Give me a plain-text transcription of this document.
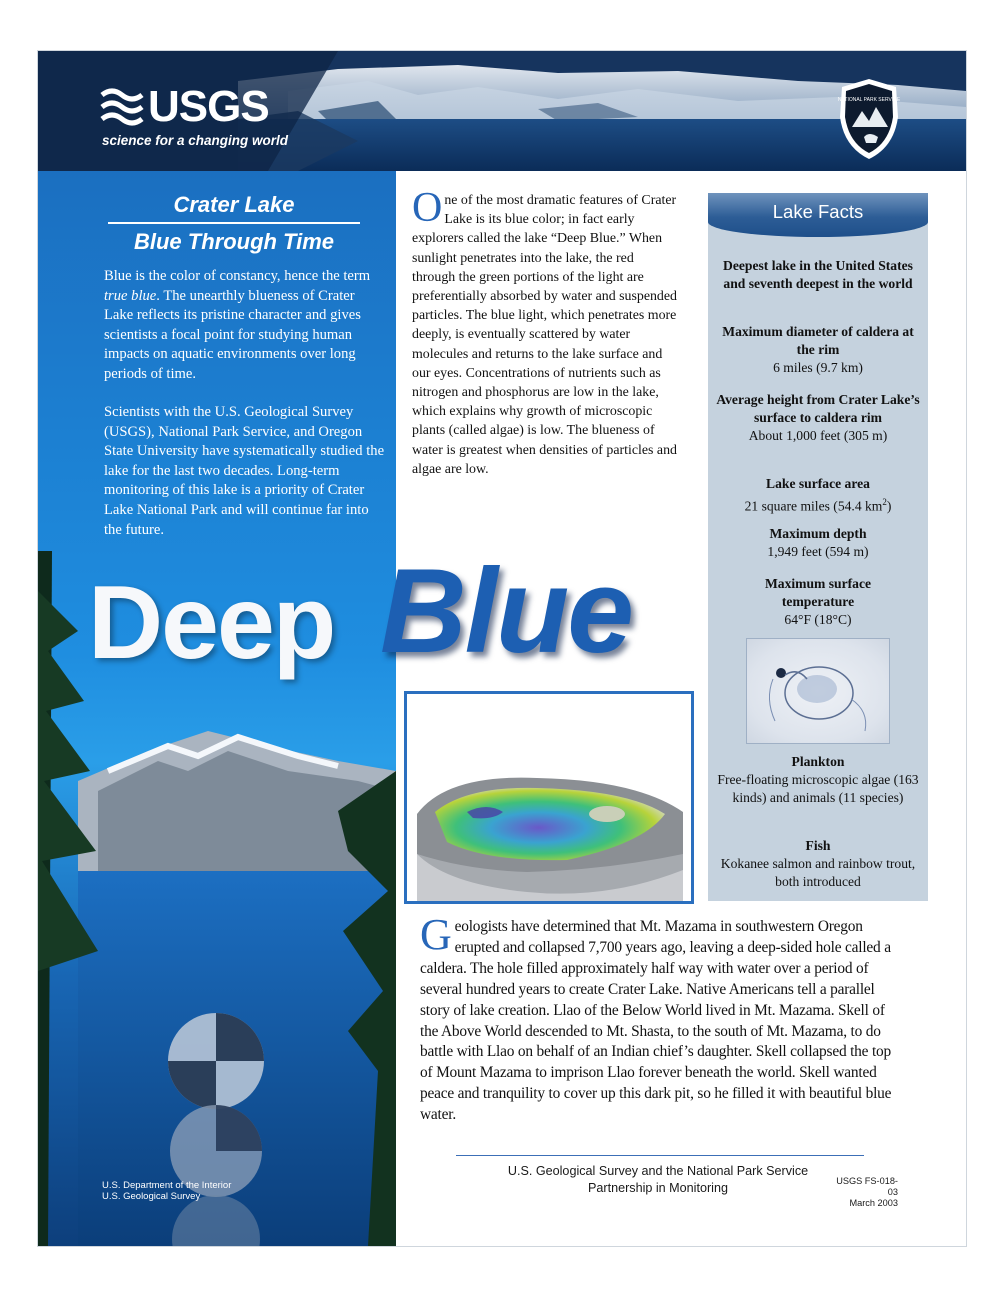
USGS
science for a changing world
NATIONAL PARK SERVICE
Crater Lake
Blue Through Time
Blue is the color of constancy, hence the term true blue. The unearthly blueness of Crater Lake reflects its pristine character and gives scientists a focal point for studying human impacts on aquatic environments over long periods of time.
Scientists with the U.S. Geological Survey (USGS), National Park Service, and Oregon State University have systematically studied the lake for the last two decades. Long-term monitoring of this lake is a priority of Crater Lake National Park and will continue far into the future.
U.S. Department of the Interior
U.S. Geological Survey
Deep Blue
One of the most dramatic features of Crater Lake is its blue color; in fact early explorers called the lake “Deep Blue.” When sunlight penetrates into the lake, the red through the green portions of the light are preferentially absorbed by water and suspended particles. The blue light, which penetrates more deeply, is eventually scattered by water molecules and returns to the lake surface and our eyes. Concentrations of nutrients such as nitrogen and phosphorus are low in the lake, which explains why growth of microscopic plants (called algae) is low. The blueness of water is greatest when densities of particles and algae are low.
Lake Facts
Deepest lake in the United States and seventh deepest in the world
Maximum diameter of caldera at the rim
6 miles (9.7 km)
Average height from Crater Lake’s surface to caldera rim
About 1,000 feet (305 m)
Lake surface area
21 square miles (54.4 $km^2$)
Maximum depth
1,949 feet (594 m)
Maximum surface temperature
64°F (18°C)
Plankton
Free-floating microscopic algae (163 kinds) and animals (11 species)
Fish
Kokanee salmon and rainbow trout, both introduced
Geologists have determined that Mt. Mazama in southwestern Oregon erupted and collapsed 7,700 years ago, leaving a deep-sided hole called a caldera. The hole filled approximately half way with water over a period of several hundred years to create Crater Lake. Native Americans tell a parallel story of lake creation. Llao of the Below World lived in Mt. Mazama. Skell of the Above World descended to Mt. Shasta, to the south of Mt. Mazama, to do battle with Llao on behalf of an Indian chief’s daughter. Skell collapsed the top of Mount Mazama to imprison Llao forever beneath the world. Skell wanted peace and tranquility to cover up this dark pit, so he filled it with beautiful blue water.
U.S. Geological Survey and the National Park Service
Partnership in Monitoring	USGS FS-018-03
March 2003
